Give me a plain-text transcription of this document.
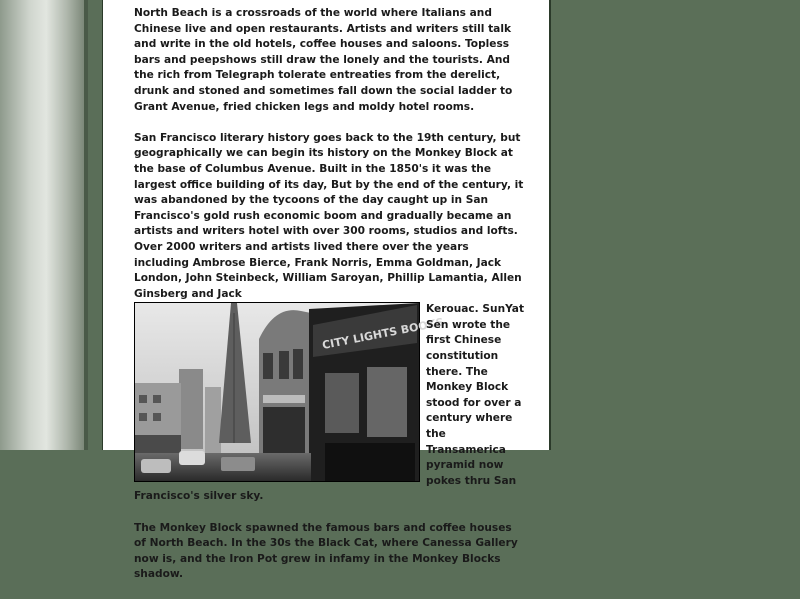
North Beach is a crossroads of the world where Italians and Chinese live and open restaurants. Artists and writers still talk and write in the old hotels, coffee houses and saloons. Topless bars and peepshows still draw the lonely and the tourists. And the rich from Telegraph tolerate entreaties from the derelict, drunk and stoned and sometimes fall down the social ladder to Grant Avenue, fried chicken legs and moldy hotel rooms.

San Francisco literary history goes back to the 19th century, but geographically we can begin its history on the Monkey Block at the base of Columbus Avenue. Built in the 1850's it was the largest office building of its day, But by the end of the century, it was abandoned by the tycoons of the day caught up in San Francisco's gold rush economic boom and gradually became an artists and writers hotel with over 300 rooms, studios and lofts. Over 2000 writers and artists lived there over the years including Ambrose Bierce, Frank Norris, Emma Goldman, Jack London, John Steinbeck, William Saroyan, Phillip Lamantia, Allen Ginsberg and Jack

CITY LIGHTS BOOKS
Kerouac. SunYat Sen wrote the first Chinese constitution there. The Monkey Block stood for over a century where the Transamerica pyramid now pokes thru San Francisco's silver sky.

The Monkey Block spawned the famous bars and coffee houses of North Beach. In the 30s the Black Cat, where Canessa Gallery now is, and the Iron Pot grew in infamy in the Monkey Blocks shadow.
